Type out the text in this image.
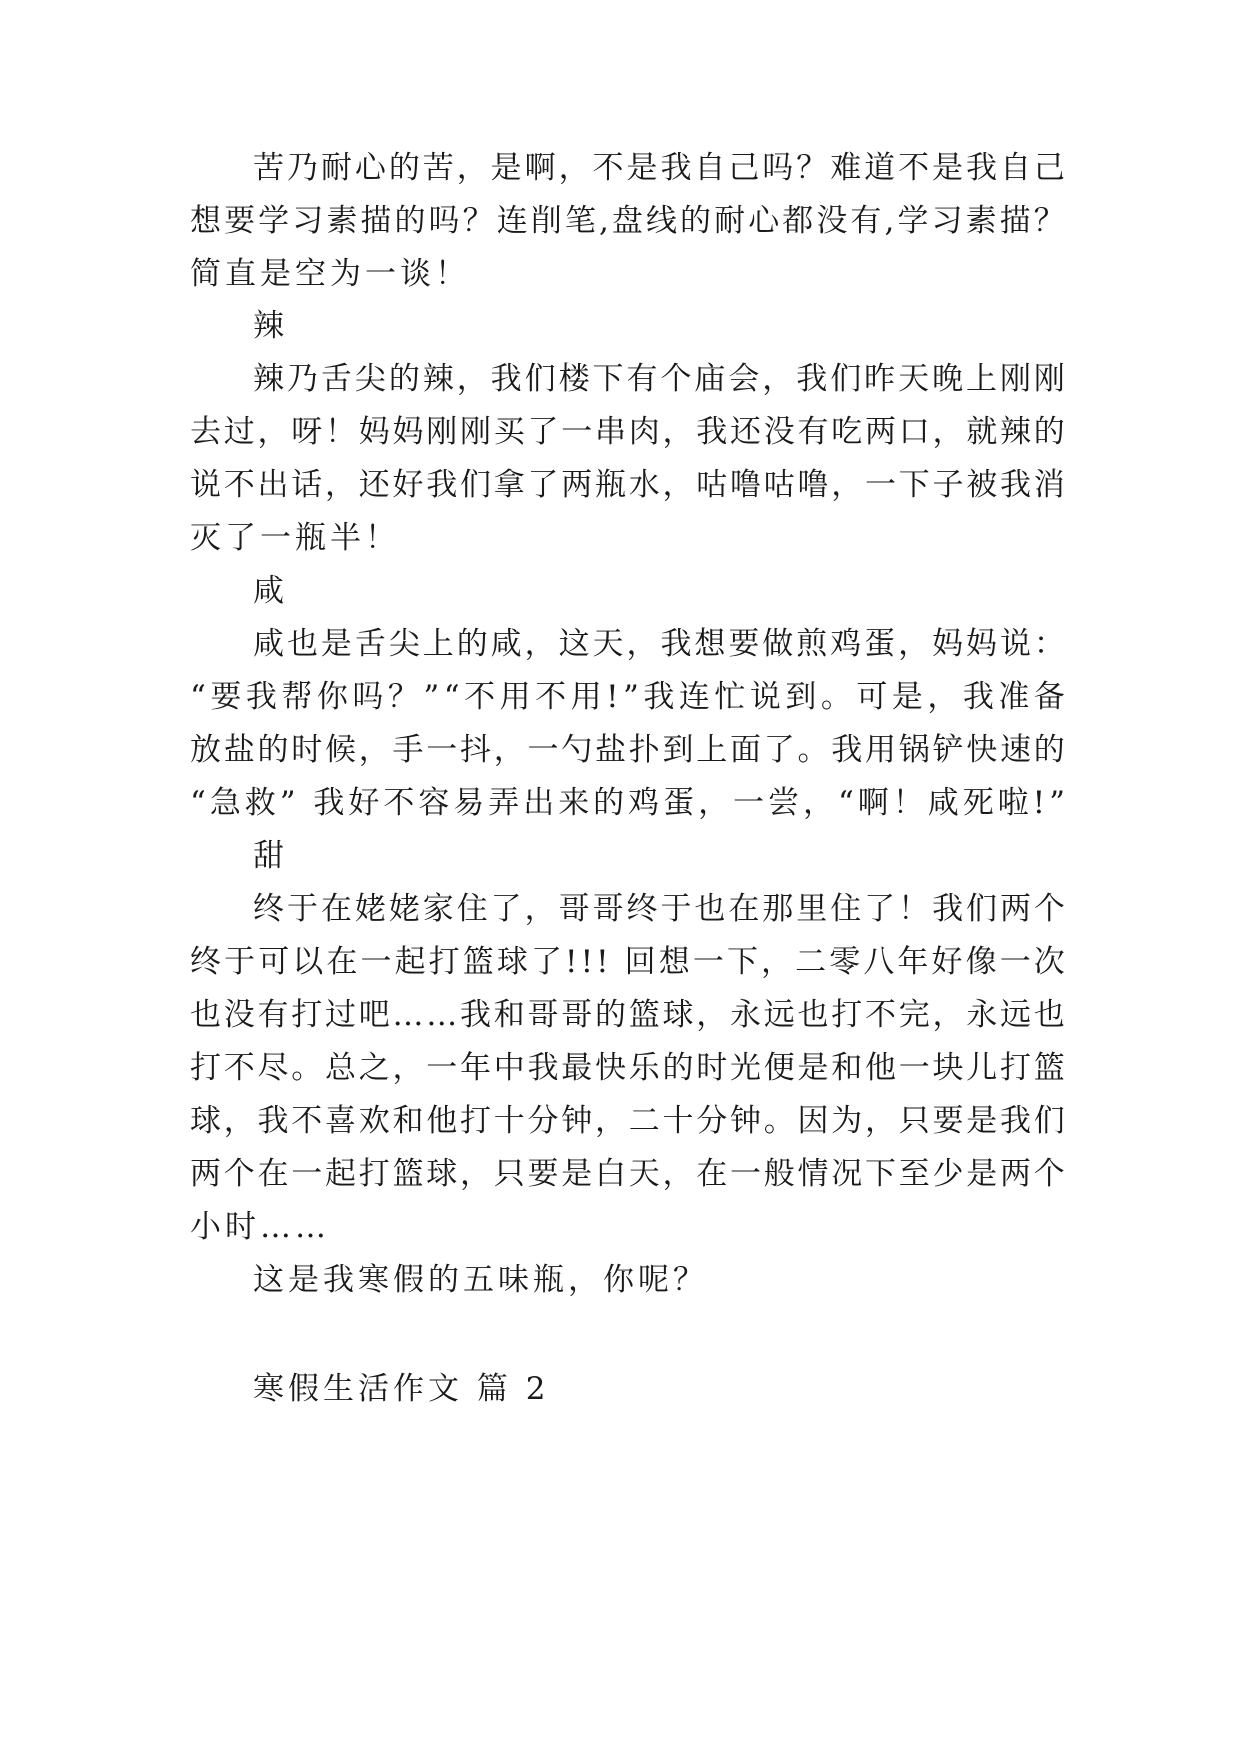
苦 乃 耐 心 的 苦 ， 是 啊 ， 不 是 我 自 己 吗 ？ 难 道 不 是 我 自 己
想 要 学 习 素 描 的 吗 ？ 连 削 笔 , 盘 线 的 耐 心 都 没 有 , 学 习 素 描 ？
简直是空为一谈！
辣
辣 乃 舌 尖 的 辣 ， 我 们 楼 下 有 个 庙 会 ， 我 们 昨 天 晚 上 刚 刚
去 过 ， 呀 ！ 妈 妈 刚 刚 买 了 一 串 肉 ， 我 还 没 有 吃 两 口 ， 就 辣 的
说 不 出 话 ， 还 好 我 们 拿 了 两 瓶 水 ， 咕 噜 咕 噜 ， 一 下 子 被 我 消
灭了一瓶半！
咸
咸 也 是 舌 尖 上 的 咸 ， 这 天 ， 我 想 要 做 煎 鸡 蛋 ， 妈 妈 说 ：
“ 要 我 帮 你 吗 ？ ” “ 不 用 不 用 ! ” 我 连 忙 说 到 。 可 是 ， 我 准 备
放 盐 的 时 候 ， 手 一 抖 ， 一 勺 盐 扑 到 上 面 了 。 我 用 锅 铲 快 速 的
“ 急 救 ”
我 好 不 容 易 弄 出 来 的 鸡 蛋 ， 一 尝 ， “ 啊 ！ 咸 死 啦 ! ”
甜
终 于 在 姥 姥 家 住 了 ， 哥 哥 终 于 也 在 那 里 住 了 ！ 我 们 两 个
终 于 可 以 在 一 起 打 篮 球 了 ! ! !
回 想 一 下 ， 二 零 八 年 好 像 一 次
也 没 有 打 过 吧 … … 我 和 哥 哥 的 篮 球 ， 永 远 也 打 不 完 ， 永 远 也
打 不 尽 。 总 之 ， 一 年 中 我 最 快 乐 的 时 光 便 是 和 他 一 块 儿 打 篮
球 ， 我 不 喜 欢 和 他 打 十 分 钟 ， 二 十 分 钟 。 因 为 ， 只 要 是 我 们
两 个 在 一 起 打 篮 球 ， 只 要 是 白 天 ， 在 一 般 情 况 下 至 少 是 两 个
小时……
这是我寒假的五味瓶，你呢？
寒假生活作文 篇 2
